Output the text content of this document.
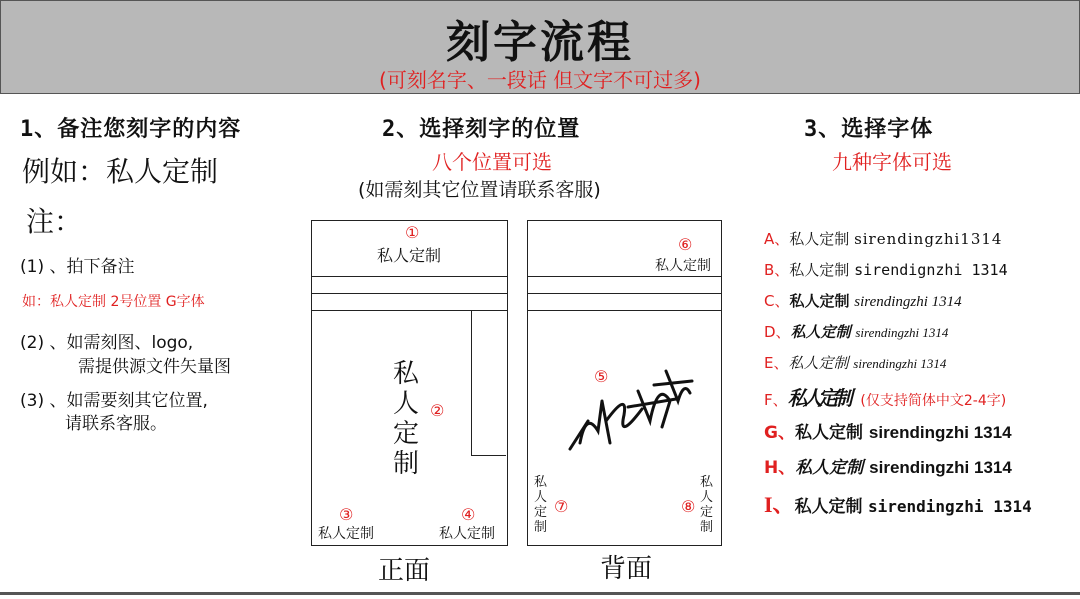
刻字流程
(可刻名字、一段话 但文字不可过多)
1、备注您刻字的内容
例如：私人定制
注：
(1) 、拍下备注
如：私人定制 2号位置 G字体
(2) 、如需刻图、logo,
需提供源文件矢量图
(3) 、如需要刻其它位置,
请联系客服。
2、选择刻字的位置
八个位置可选
(如需刻其它位置请联系客服)
①
私人定制
私人定制
②
③
私人定制
④
私人定制
正面
⑥
私人定制
⑤
私人定制
⑦
私人定制
⑧
背面
3、选择字体
九种字体可选
A、私人定制 sirendingzhi1314
B、私人定制 sirendignzhi 1314
C、私人定制 sirendingzhi 1314
D、私人定制 sirendingzhi 1314
E、私人定制 sirendingzhi 1314
F、私人定制 (仅支持简体中文2-4字)
G、私人定制 sirendingzhi 1314
H、私人定制 sirendingzhi 1314
I、私人定制 sirendingzhi 1314
